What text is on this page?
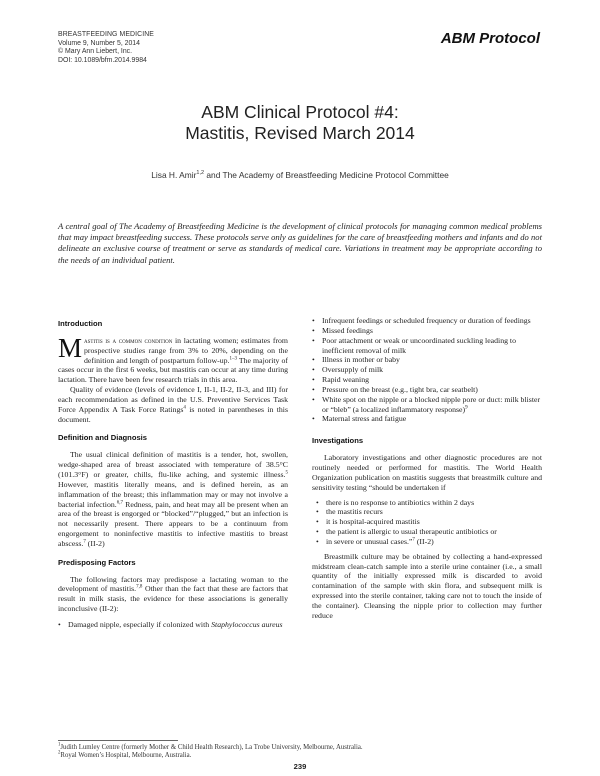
BREASTFEEDING MEDICINE
Volume 9, Number 5, 2014
© Mary Ann Liebert, Inc.
DOI: 10.1089/bfm.2014.9984
ABM Protocol
ABM Clinical Protocol #4:
Mastitis, Revised March 2014
Lisa H. Amir$^{1,2}$ and The Academy of Breastfeeding Medicine Protocol Committee
A central goal of The Academy of Breastfeeding Medicine is the development of clinical protocols for managing common medical problems that may impact breastfeeding success. These protocols serve only as guidelines for the care of breastfeeding mothers and infants and do not delineate an exclusive course of treatment or serve as standards of medical care. Variations in treatment may be appropriate according to the needs of an individual patient.
Introduction

Mastitis is a common condition in lactating women; estimates from prospective studies range from 3% to 20%, depending on the definition and length of postpartum follow-up.$^{1-3}$ The majority of cases occur in the first 6 weeks, but mastitis can occur at any time during lactation. There have been few research trials in this area.

Quality of evidence (levels of evidence I, II-1, II-2, II-3, and III) for each recommendation as defined in the U.S. Preventive Services Task Force Appendix A Task Force Ratings$^4$ is noted in parentheses in this document.

Definition and Diagnosis

The usual clinical definition of mastitis is a tender, hot, swollen, wedge-shaped area of breast associated with temperature of 38.5°C (101.3°F) or greater, chills, flu-like aching, and systemic illness.$^5$ However, mastitis literally means, and is defined herein, as an inflammation of the breast; this inflammation may or may not involve a bacterial infection.$^{6,7}$ Redness, pain, and heat may all be present when an area of the breast is engorged or “blocked”/“plugged,” but an infection is not necessarily present. There appears to be a continuum from engorgement to noninfective mastitis to infective mastitis to breast abscess.$^7$ (II-2)

Predisposing Factors

The following factors may predispose a lactating woman to the development of mastitis.$^{7,8}$ Other than the fact that these are factors that result in milk stasis, the evidence for these associations is generally inconclusive (II-2):

• Damaged nipple, especially if colonized with Staphylococcus aureus
• Infrequent feedings or scheduled frequency or duration of feedings
• Missed feedings
• Poor attachment or weak or uncoordinated suckling leading to inefficient removal of milk
• Illness in mother or baby
• Oversupply of milk
• Rapid weaning
• Pressure on the breast (e.g., tight bra, car seatbelt)
• White spot on the nipple or a blocked nipple pore or duct: milk blister or “bleb” (a localized inflammatory response)$^9$
• Maternal stress and fatigue
Investigations

Laboratory investigations and other diagnostic procedures are not routinely needed or performed for mastitis. The World Health Organization publication on mastitis suggests that breastmilk culture and sensitivity testing “should be undertaken if

• there is no response to antibiotics within 2 days
• the mastitis recurs
• it is hospital-acquired mastitis
• the patient is allergic to usual therapeutic antibiotics or
• in severe or unusual cases.”$^7$ (II-2)

Breastmilk culture may be obtained by collecting a hand-expressed midstream clean-catch sample into a sterile urine container (i.e., a small quantity of the initially expressed milk is discarded to avoid contamination of the sample with skin flora, and subsequent milk is expressed into the sterile container, taking care not to touch the inside of the container). Cleansing the nipple prior to collection may further reduce

$^1$Judith Lumley Centre (formerly Mother & Child Health Research), La Trobe University, Melbourne, Australia.
$^2$Royal Women’s Hospital, Melbourne, Australia.
239
